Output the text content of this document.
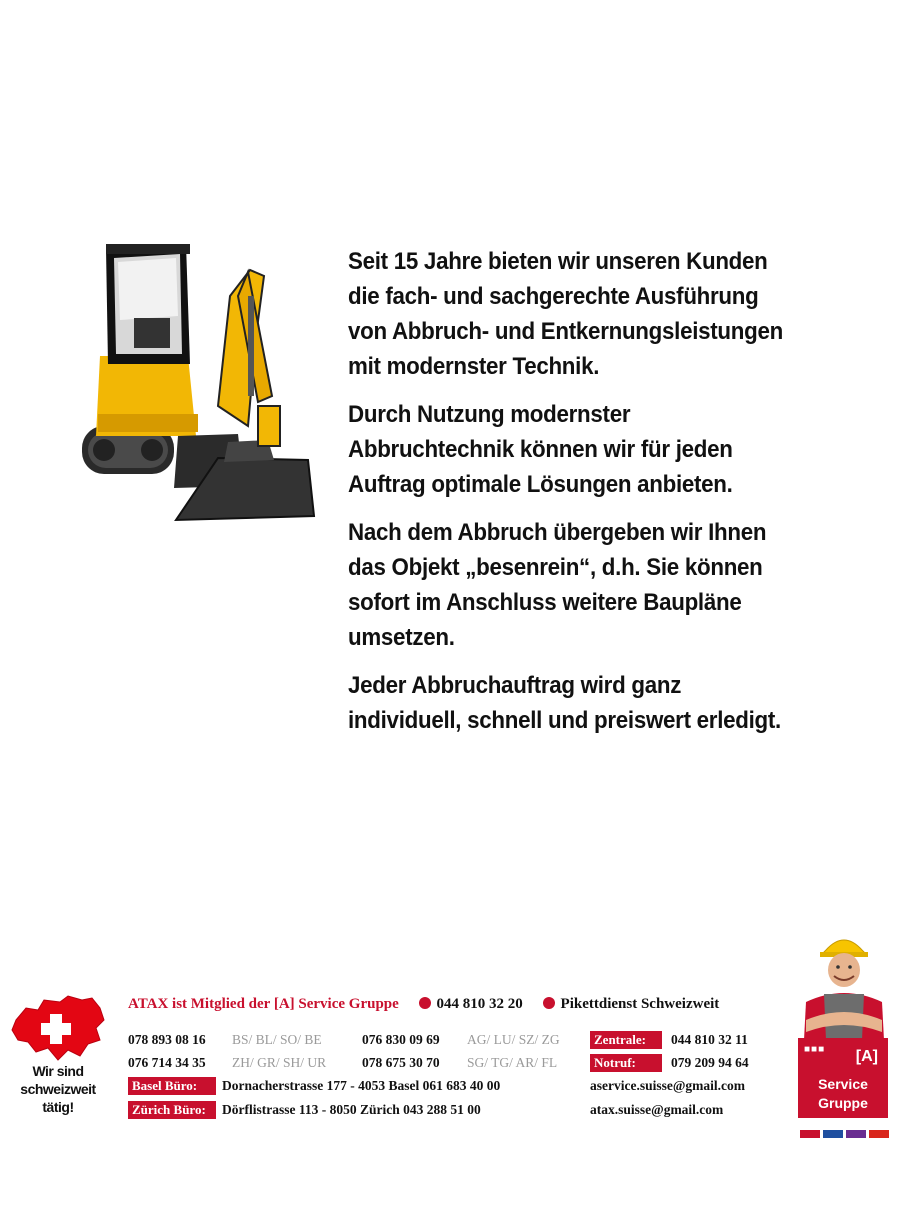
Seit 15 Jahre bieten wir unseren Kunden die fach- und sachgerechte Ausführung von Abbruch- und Entkernungsleistungen mit modernster Technik.

Durch Nutzung modernster Abbruchtechnik können wir für jeden Auftrag optimale Lösungen anbieten.

Nach dem Abbruch übergeben wir Ihnen das Objekt „besenrein“, d.h. Sie können sofort im Anschluss weitere Baupläne umsetzen.

Jeder Abbruchauftrag wird ganz individuell, schnell und preiswert erledigt.

Wir sind schweizweit tätig!
ATAX ist Mitglied der [A] Service Gruppe	044 810 32 20	Pikettdienst Schweizweit
078 893 08 16 BS/ BL/ SO/ BE	076 830 09 69 AG/ LU/ SZ/ ZG	Zentrale:	044 810 32 11
076 714 34 35 ZH/ GR/ SH/ UR	078 675 30 70 SG/ TG/ AR/ FL	Notruf:	079 209 94 64
Basel Büro:	Dornacherstrasse 177 - 4053 Basel 061 683 40 00	aservice.suisse@gmail.com
Zürich Büro:	Dörflistrasse 113 - 8050 Zürich 043 288 51 00	atax.suisse@gmail.com
■■■ [A]
Service
Gruppe
